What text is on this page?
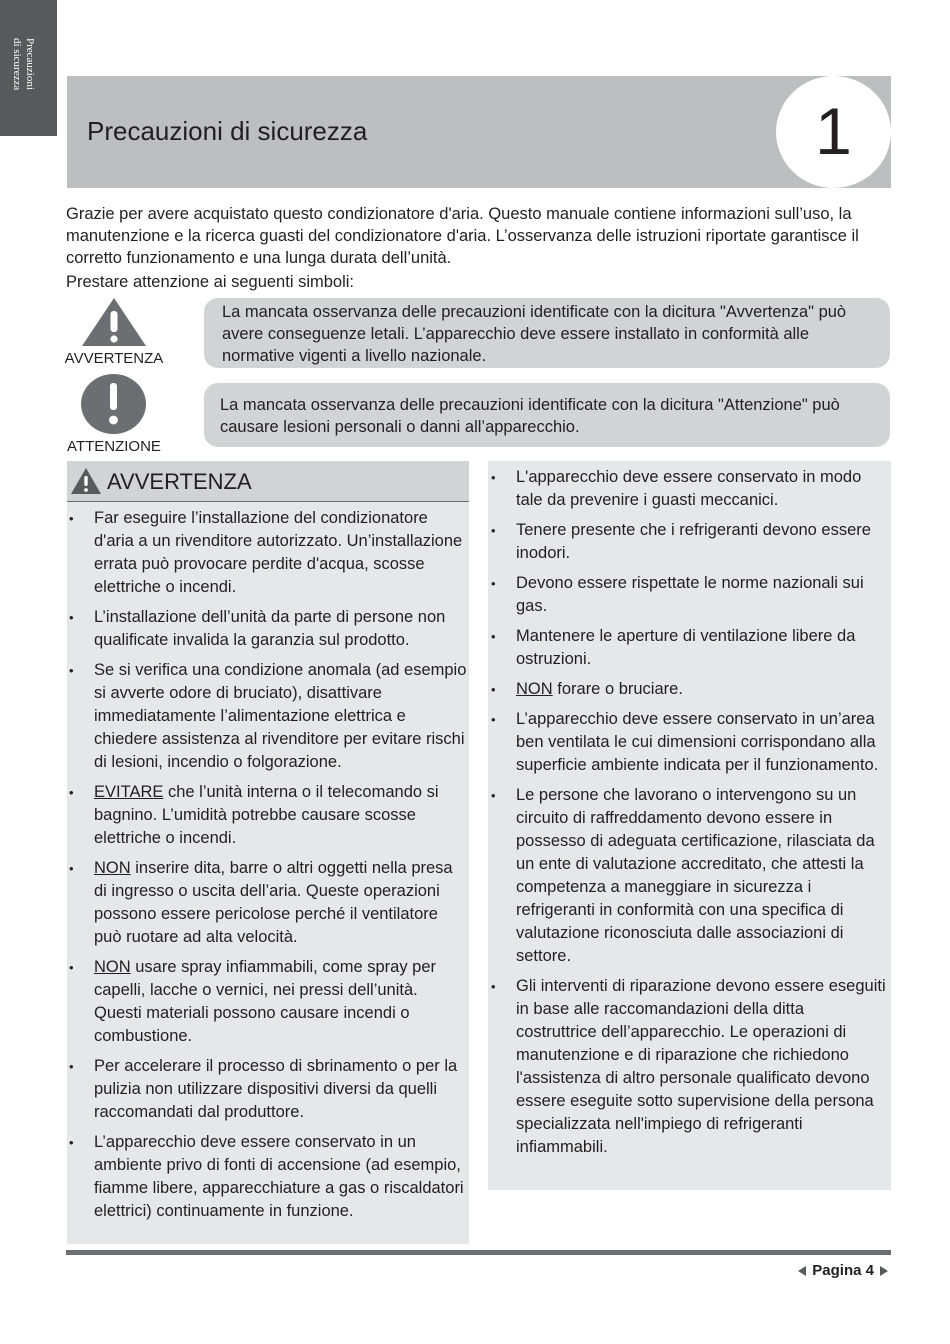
Precauzioni
di sicurezza
Precauzioni di sicurezza	1

Grazie per avere acquistato questo condizionatore d'aria. Questo manuale contiene informazioni sull’uso, la manutenzione e la ricerca guasti del condizionatore d'aria. L’osservanza delle istruzioni riportate garantisce il corretto funzionamento e una lunga durata dell’unità.

Prestare attenzione ai seguenti simboli:
AVVERTENZA
La mancata osservanza delle precauzioni identificate con la dicitura "Avvertenza" può avere conseguenze letali. L’apparecchio deve essere installato in conformità alle normative vigenti a livello nazionale.
ATTENZIONE
La mancata osservanza delle precauzioni identificate con la dicitura "Attenzione" può causare lesioni personali o danni all’apparecchio.
AVVERTENZA
• Far eseguire l’installazione del condizionatore d'aria a un rivenditore autorizzato. Un’installazione errata può provocare perdite d'acqua, scosse elettriche o incendi.
• L’installazione dell’unità da parte di persone non qualificate invalida la garanzia sul prodotto.
• Se si verifica una condizione anomala (ad esempio si avverte odore di bruciato), disattivare immediatamente l’alimentazione elettrica e chiedere assistenza al rivenditore per evitare rischi di lesioni, incendio o folgorazione.
• EVITARE che l’unità interna o il telecomando si bagnino. L’umidità potrebbe causare scosse elettriche o incendi.
• NON inserire dita, barre o altri oggetti nella presa di ingresso o uscita dell’aria. Queste operazioni possono essere pericolose perché il ventilatore può ruotare ad alta velocità.
• NON usare spray infiammabili, come spray per capelli, lacche o vernici, nei pressi dell’unità. Questi materiali possono causare incendi o combustione.
• Per accelerare il processo di sbrinamento o per la pulizia non utilizzare dispositivi diversi da quelli raccomandati dal produttore.
• L’apparecchio deve essere conservato in un ambiente privo di fonti di accensione (ad esempio, fiamme libere, apparecchiature a gas o riscaldatori elettrici) continuamente in funzione.
• L'apparecchio deve essere conservato in modo tale da prevenire i guasti meccanici.
• Tenere presente che i refrigeranti devono essere inodori.
• Devono essere rispettate le norme nazionali sui gas.
• Mantenere le aperture di ventilazione libere da ostruzioni.
• NON forare o bruciare.
• L’apparecchio deve essere conservato in un’area ben ventilata le cui dimensioni corrispondano alla superficie ambiente indicata per il funzionamento.
• Le persone che lavorano o intervengono su un circuito di raffreddamento devono essere in possesso di adeguata certificazione, rilasciata da un ente di valutazione accreditato, che attesti la competenza a maneggiare in sicurezza i refrigeranti in conformità con una specifica di valutazione riconosciuta dalle associazioni di settore.
• Gli interventi di riparazione devono essere eseguiti in base alle raccomandazioni della ditta costruttrice dell’apparecchio. Le operazioni di manutenzione e di riparazione che richiedono l'assistenza di altro personale qualificato devono essere eseguite sotto supervisione della persona specializzata nell'impiego di refrigeranti infiammabili.
Pagina 4
